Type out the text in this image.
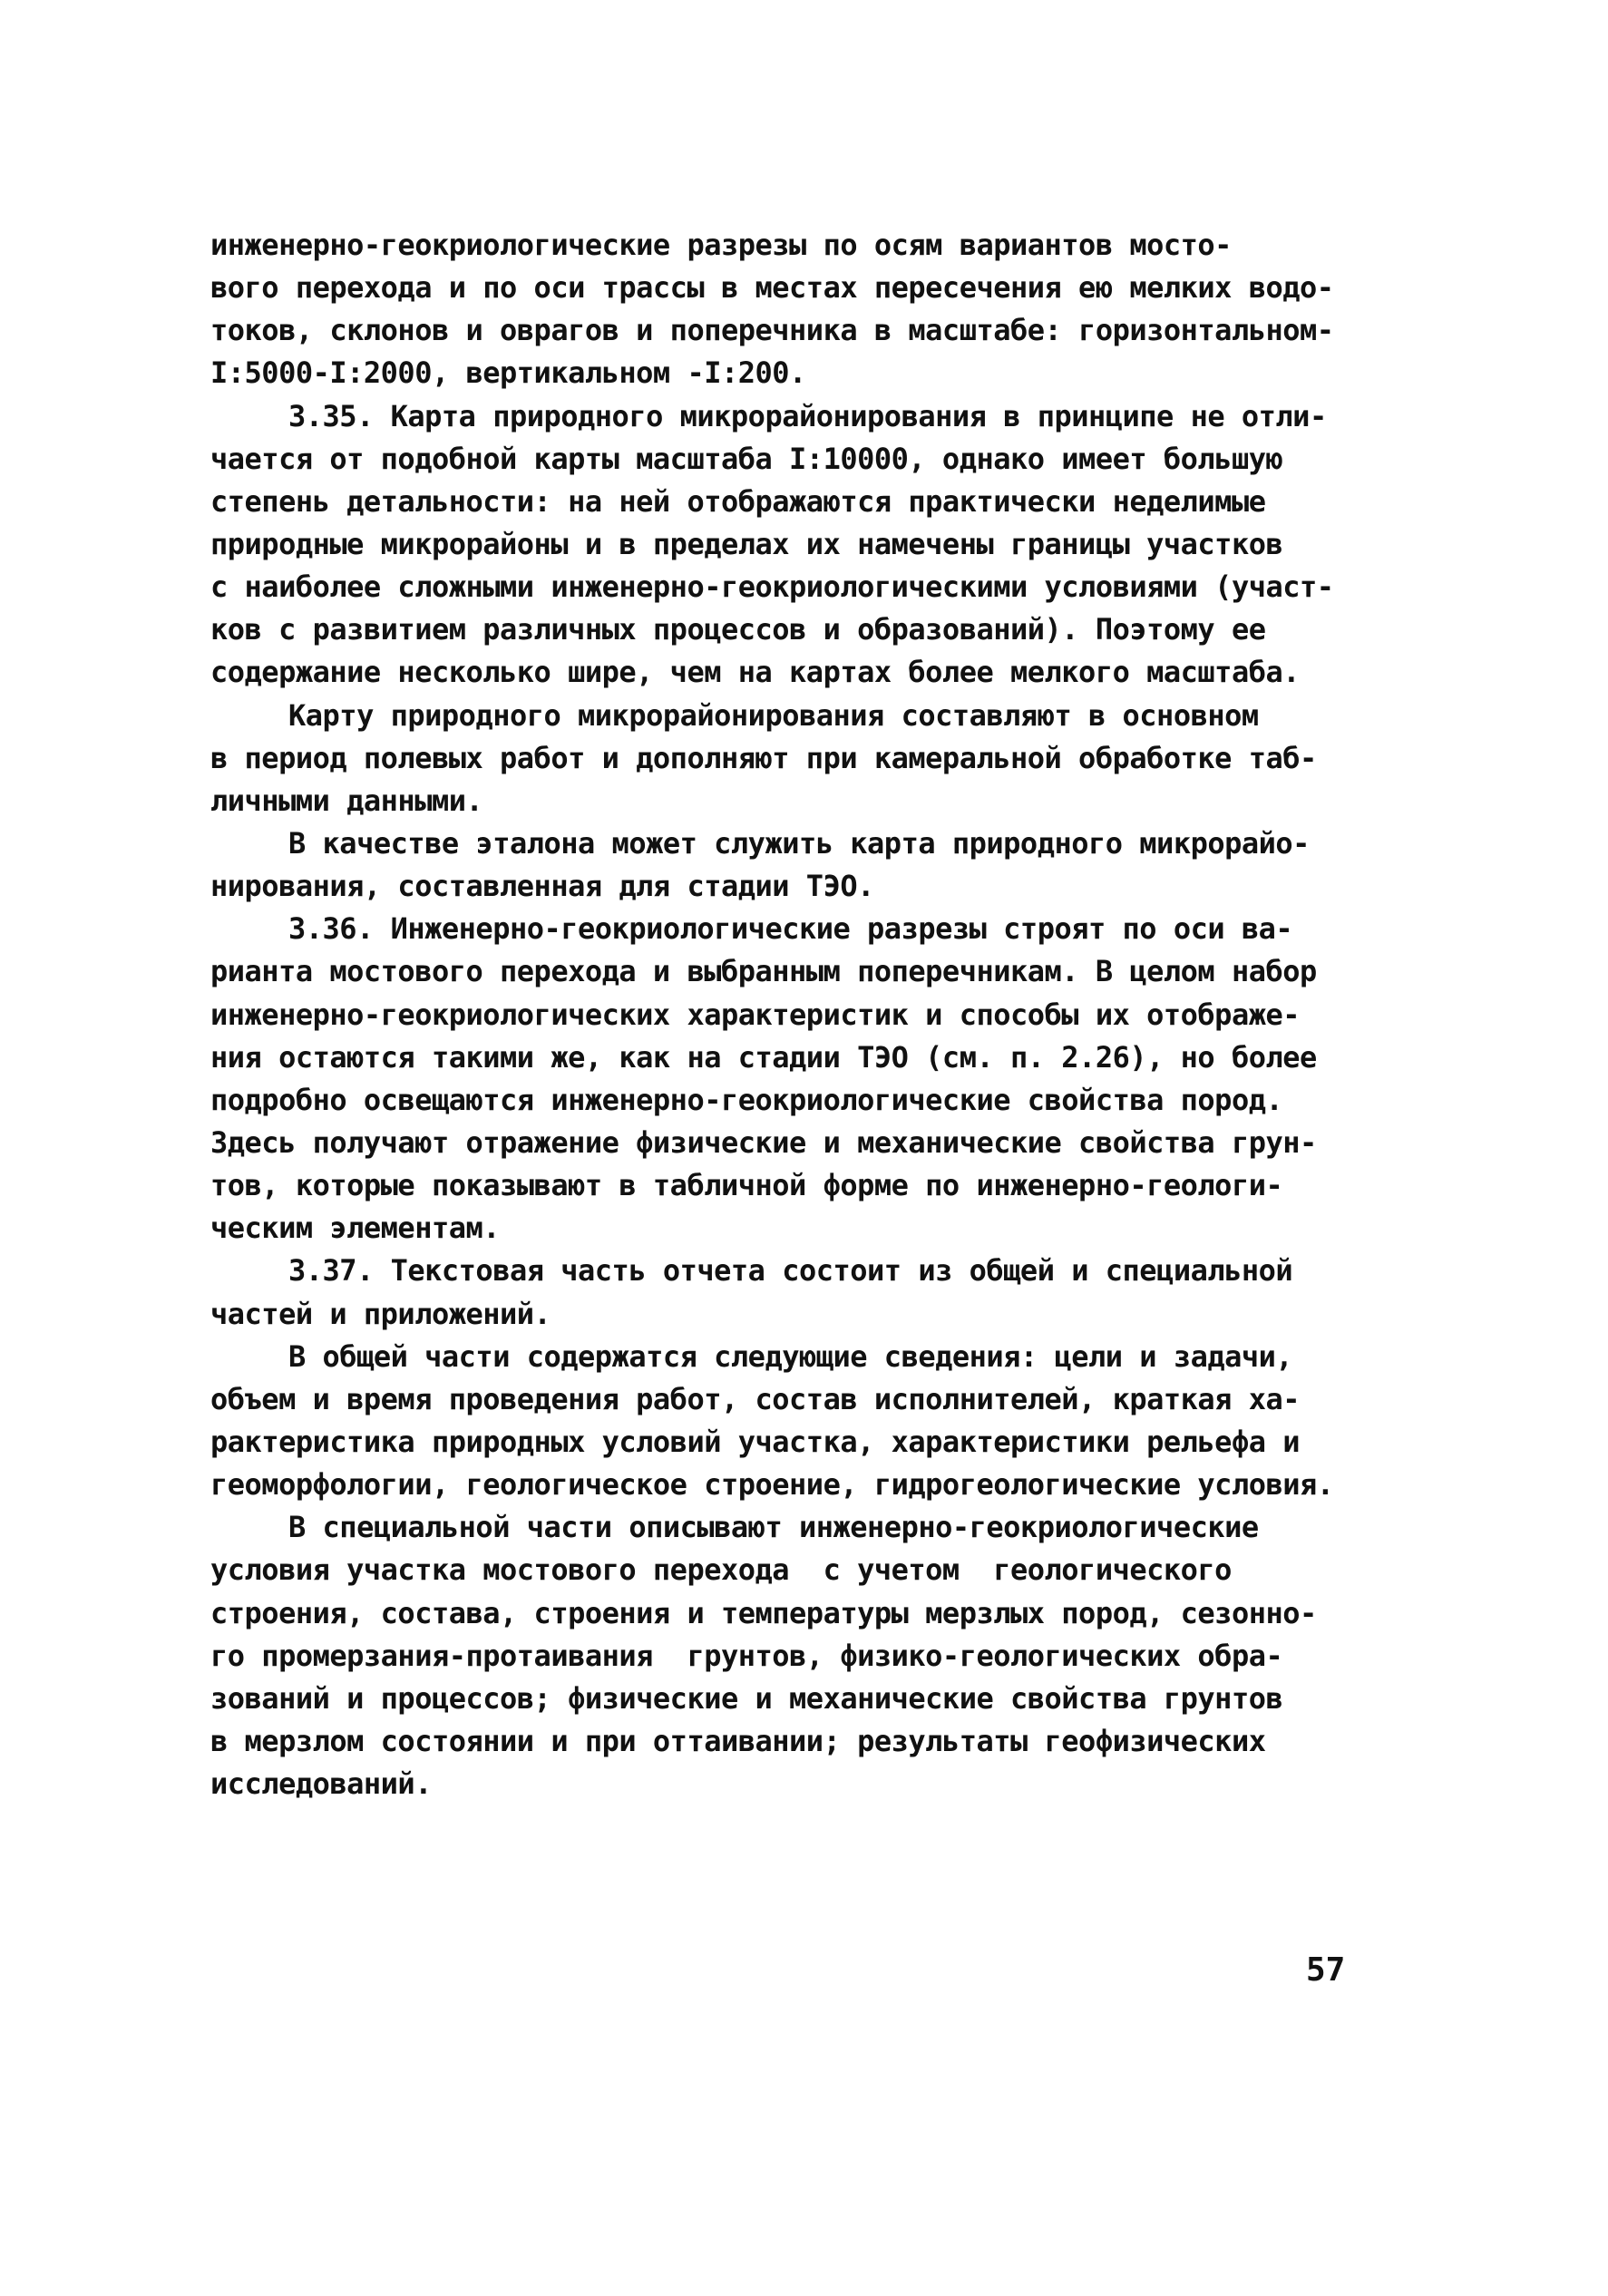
инженерно-геокриологические разрезы по осям вариантов мосто-
вого перехода и по оси трассы в местах пересечения ею мелких водо-
токов, склонов и оврагов и поперечника в масштабе: горизонтальном-
I:5000-I:2000, вертикальном -I:200.
3.35. Карта природного микрорайонирования в принципе не отли-
чается от подобной карты масштаба I:10000, однако имеет большую
степень детальности: на ней отображаются практически неделимые
природные микрорайоны и в пределах их намечены границы участков
с наиболее сложными инженерно-геокриологическими условиями (участ-
ков с развитием различных процессов и образований). Поэтому ее
содержание несколько шире, чем на картах более мелкого масштаба.
Карту природного микрорайонирования составляют в основном
в период полевых работ и дополняют при камеральной обработке таб-
личными данными.
В качестве эталона может служить карта природного микрорайо-
нирования, составленная для стадии ТЭО.
3.36. Инженерно-геокриологические разрезы строят по оси ва-
рианта мостового перехода и выбранным поперечникам. В целом набор
инженерно-геокриологических характеристик и способы их отображе-
ния остаются такими же, как на стадии ТЭО (см. п. 2.26), но более
подробно освещаются инженерно-геокриологические свойства пород.
Здесь получают отражение физические и механические свойства грун-
тов, которые показывают в табличной форме по инженерно-геологи-
ческим элементам.
3.37. Текстовая часть отчета состоит из общей и специальной
частей и приложений.
В общей части содержатся следующие сведения: цели и задачи,
объем и время проведения работ, состав исполнителей, краткая ха-
рактеристика природных условий участка, характеристики рельефа и
геоморфологии, геологическое строение, гидрогеологические условия.
В специальной части описывают инженерно-геокриологические
условия участка мостового перехода  с учетом  геологического
строения, состава, строения и температуры мерзлых пород, сезонно-
го промерзания-протаивания  грунтов, физико-геологических обра-
зований и процессов; физические и механические свойства грунтов
в мерзлом состоянии и при оттаивании; результаты геофизических
исследований.
57
